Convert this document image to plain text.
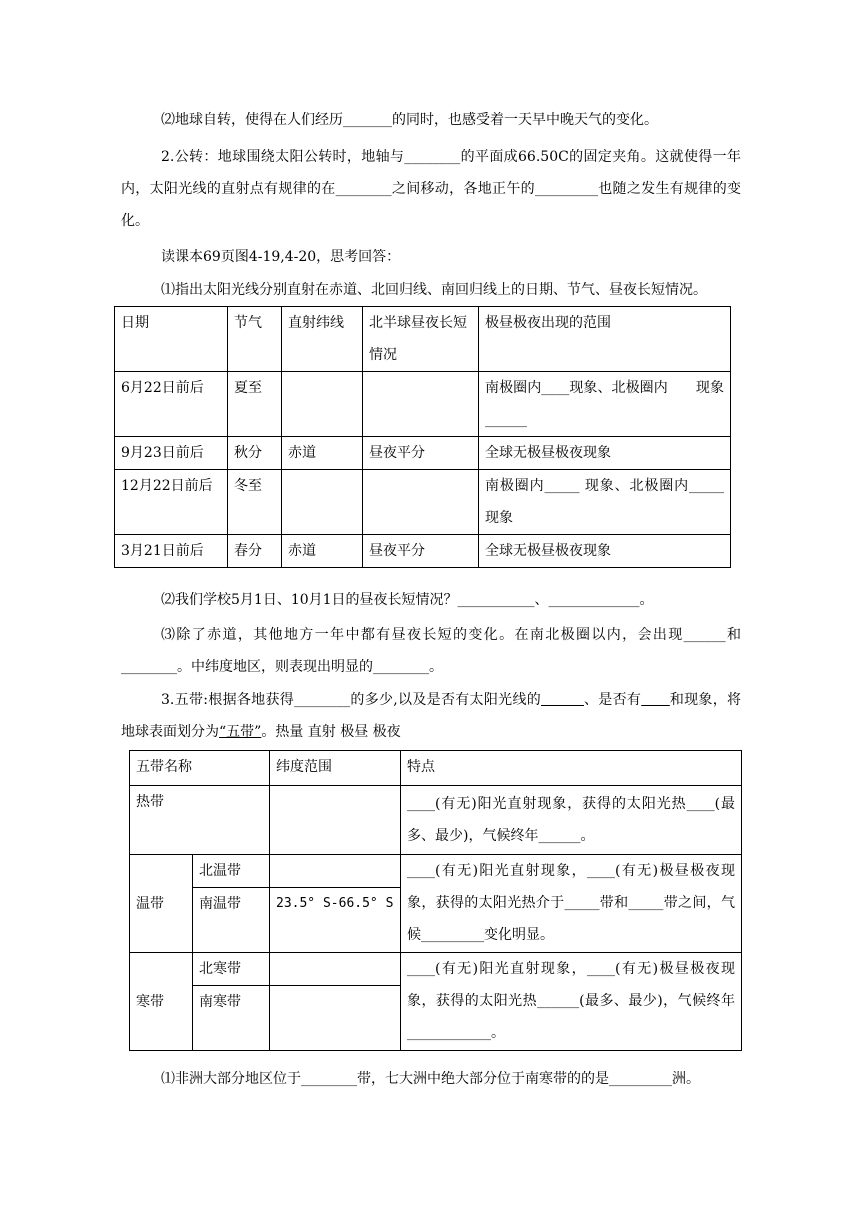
⑵地球自转，使得在人们经历_______的同时，也感受着一天早中晚天气的变化。

2.公转：地球围绕太阳公转时，地轴与________的平面成66.50C的固定夹角。这就使得一年内，太阳光线的直射点有规律的在________之间移动，各地正午的_________也随之发生有规律的变化。

读课本69页图4-19,4-20，思考回答：

⑴指出太阳光线分别直射在赤道、北回归线、南回归线上的日期、节气、昼夜长短情况。

日期	节气	直射纬线	北半球昼夜长短情况	极昼极夜出现的范围
6月22日前后	夏至			南极圈内____现象、北极圈内　　现象______
9月23日前后	秋分	赤道	昼夜平分	全球无极昼极夜现象
12月22日前后	冬至			南极圈内_____ 现象、北极圈内_____现象
3月21日前后	春分	赤道	昼夜平分	全球无极昼极夜现象

⑵我们学校5月1日、10月1日的昼夜长短情况？___________、_____________。

⑶除了赤道，其他地方一年中都有昼夜长短的变化。在南北极圈以内，会出现______和________。中纬度地区，则表现出明显的________。

3.五带:根据各地获得________的多少,以及是否有太阳光线的　　　	、是否有　　 和现象，将地球表面划分为“五带”。热量 直射 极昼 极夜

五带名称		纬度范围	特点
热带			____(有无)阳光直射现象，获得的太阳光热____(最多、最少)，气候终年______。
温带	北温带		____(有无)阳光直射现象，____(有无)极昼极夜现象，获得的太阳光热介于_____带和_____带之间，气候_________变化明显。
	南温带	23.5° S-66.5° S	
寒带	北寒带		____(有无)阳光直射现象，____(有无)极昼极夜现象，获得的太阳光热______(最多、最少)，气候终年____________。
	南寒带		

⑴非洲大部分地区位于________带，七大洲中绝大部分位于南寒带的的是_________洲。
